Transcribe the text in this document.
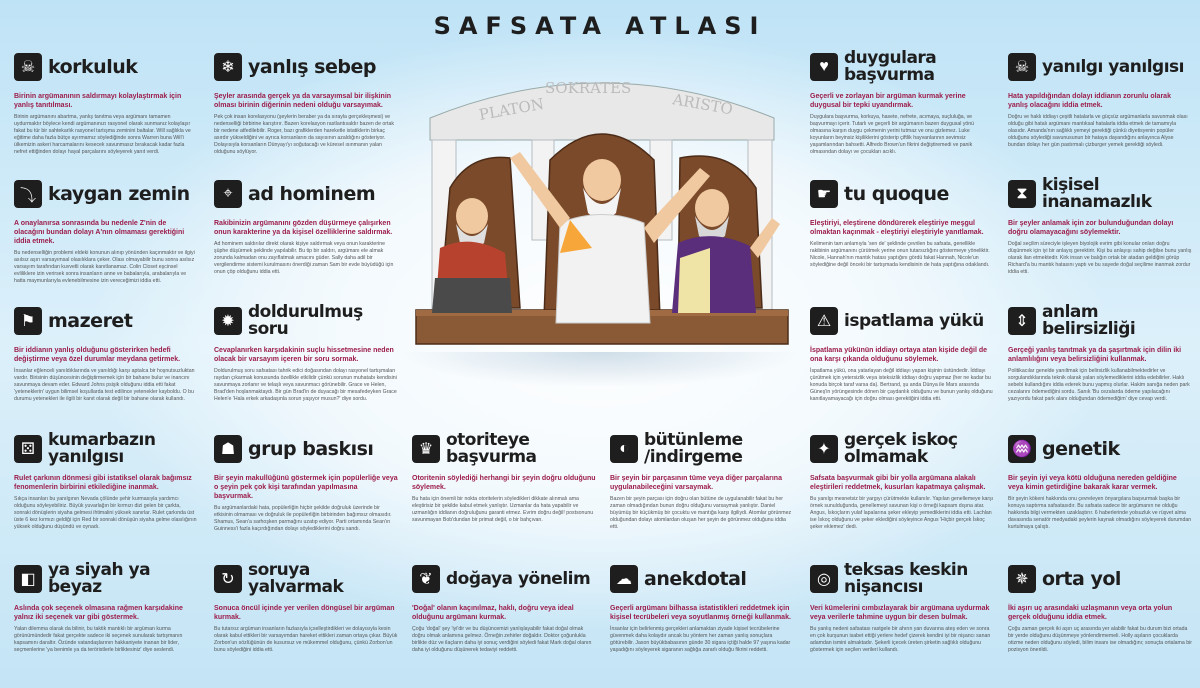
SAFSATA ATLASI
PLATON
SOKRATES
ARISTO
☠ korkuluk
Birinin argümanının saldırmayı kolaylaştırmak için yanlış tanıtılması.
Birinin argümanını abartma, yanlış tanıtma veya argümanı tamamen uydurmaktır böylece kendi argümanınızı rasyonel olarak sunmanız kolaylaşır fakat bu tür bir sahtekarlık rasyonel tartışma zeminini baltalar. Will sağlıkla ve eğitime daha fazla bütçe ayırmamız söylediğinde sonra Warren buna Will'i ülkemizin askeri harcamalarını kesecek savunmasız bırakacak kadar fazla nefret ettiğinden dolayı hayal parçalarını söyleyerek yanıt verdi.
❄ yanlış sebep
Şeyler arasında gerçek ya da varsayımsal bir ilişkinin olması birinin diğerinin nedeni olduğu varsayımak.
Pek çok insan korelasyonu (şeylerin beraber ya da sırayla gerçekleşmesi) ve nedenselliği birbirine karıştırır. Bazen korelasyon rastlantısaldır bazen de ortak bir nedene atfedilebilir. Roger, bazı grafiklerden hareketle istatiklerin birkaç asırdır yükseldiğini ve ayrıca korsanların da sayısının azaldığını gösteriyor. Dolayısıyla korsanların Dünyayı'yı soğutacağı ve küresel ısınmanın yalan olduğunu söylüyor.
♥ duygulara başvurma
Geçerli ve zorlayan bir argüman kurmak yerine duygusal bir tepki uyandırmak.
Duygulara başvurma, korkuya, hasete, nefrete, acımaya, suçluluğa, ve başvurmayı içerir. Tutarlı ve geçerli bir argümanın bazen duygusal yönü olmasına karşın duygu çekmenin yerini tutmaz ve onu gizlemez. Luke koyunların beyinsiz kişiliklerini gösterip çiftlik hayvanlarının sevimsiz yaşamlarından bahsetti. Alfredo Brown'un fikrini değiştiremedi ve panik olmasından dolayı ve çocukları acıklı.
☠ yanılgı yanılgısı
Hata yapıldığından dolayı iddianın zorunlu olarak yanlış olacağını iddia etmek.
Doğru ve haklı iddiayı çeşitli hatalarla ve güçsüz argümanlarla savunmak olası olduğu gibi hatalı argümanı mantıksal hatalarla iddia etmek de tamamıyla olasıdır. Amanda'nın sağlıklı yemeyi gerektiği çünkü diyetisyenin popüler olduğunu söylediği savunusunun bir hataya dayandığını anlayınca Alyse bundan dolayı her gün pastırmalı çizburger yemek gerektiği söyledi.
⤵ kaygan zemin
A onaylanırsa sonrasında bu nedenle Z'nin de olacağını bundan dolayı A'nın olmaması gerektiğini iddia etmek.
Bu nedenselliğin problemi eldeki konunun alınıp yönünden kaçınmaktır ve ilgiyi asılsız aşırı varsayımsal olasılıklara çeker. Olası olmayabilir bunu sonra asılsız varsayım tarafından kuvvetli olarak kanıtlanamaz. Colin Closet eşcinsel evliliklere izin verirsek sonra insanların anne ve babalarıyla, arabalarıyla ve hatta maymunlarıyla evlenebilmesine izin vereceğimizi iddia etti.
⌖ ad hominem
Rakibinizin argümanını gözden düşürmeye çalışırken onun karakterine ya da kişisel özelliklerine saldırmak.
Ad hominem saldırılar direkt olarak kişiye saldırmak veya onun karakterine şüphe düşürmek şeklinde yapılabilir. Bu tip bir saldırı, argümanı ele almak zorunda kalmadan onu zayıflatmak amacını güder. Sally daha adil bir vergilendirme sistemi kurulmasını önerdiği zaman Sam bir evde büyüdüğü için onun çöp olduğunu iddia etti.
☛ tu quoque
Eleştiriyi, eleştirene döndürerek eleştiriye meşgul olmaktan kaçınmak - eleştiriyi eleştiriyle yanıtlamak.
Kelimenin tam anlamıyla 'sen de' şeklinde çevrilen bu safsata, genellikle rakibinin argümanını çürütmek yerine onun tutarsızlığını göstermeye yöneliktir. Nicole, Hannah'nın mantık hatası yaptığını gördü fakat Hannah, Nicole'un söylediğine değil önceki bir tartışmada kendisinin de hata yaptığına odaklandı.
⧗ kişisel inanamazlık
Bir şeyler anlamak için zor bulunduğundan dolayı doğru olamayacağını söylemektir.
Doğal seçilim süreciyle işleyen biyolojik evrim gibi konular onları doğru düşünmek için iyi bir anlayış gerektirir. Kişi bu anlayışı sahip değilse bunu yanlış olarak ilan etmektedir. Kirk insan ve balığın ortak bir atadan geldiğini görüp Richard'a bu mantık hatasını yaptı ve bu sayede doğal seçilime inanmak zordur iddia etti.
⚑ mazeret
Bir iddianın yanlış olduğunu gösterirken hedefi değiştirme veya özel durumlar meydana getirmek.
İnsanlar eğlenceli yanıldıklarında ve yanıldığı karşı aptalca bir hoşnutsuzluktan vardır. Birisinin düşüncesinin değiştirmemek için bir bahane bulur ve inancını savunmaya devam eder. Edward Johns psişik olduğunu iddia etti fakat 'yeteneklerin' uygun bilimsel koşullarda test edilince yetenekler kayboldu. O bu durumu yetenekleri ile ilgili bir kanıt olarak değil bir bahane olarak kullandı.
✹ doldurulmuş soru
Cevaplanırken karşıdakinin suçlu hissetmesine neden olacak bir varsayım içeren bir soru sormak.
Doldurulmuş soru safsatası tahrik edici doğasından dolayı rasyonel tartışmaları raydan çıkarmak konusunda özellikle etkilidir çünkü sorunun muhatabı kendisini savunmaya zorlanır ve telaşlı veya savunmacı görünebilir. Grace ve Helen, Brad'den hoşlanmaktaydı. Bir gün Brad'in de duyacağı bir mesafedeyken Grace Helen'e 'Hala erkek arkadaşınla sorun yaşıyor musun?' diye sordu.
⚠ ispatlama yükü
İspatlama yükünün iddiayı ortaya atan kişide değil de ona karşı çıkanda olduğunu söylemek.
İspatlama yükü, ona yatarlayan değil iddiayı yapan kişinin üstündedir. İddiayı çürütmek için yetersizlik veya isteksizlik iddiayı doğru yapmaz (her ne kadar bu konuda birçok taraf varsa da). Bertrand, şu anda Dünya ile Mars arasında Güneş'in yörüngesinde dönen bir çaydanlık olduğunu ve bunun yanlış olduğunu kanıtlayamayacağı için doğru olması gerektiğini iddia etti.
⇕ anlam belirsizliği
Gerçeği yanlış tanıtmak ya da şaşırtmak için dilin iki anlamlılığını veya belirsizliğini kullanmak.
Politikacılar genelde yanıltmak için belirsizlik kullanabilmektedirler ve sorgulandıklarında teknik olarak yalan söylemediklerini iddia edebilirler. Haklı sebebi kullandığını iddia ederek bunu yapmış olurlar. Hakim sanığa neden park cezalarını ödemediğini sordu. Sanık 'Bu cezalarda ödeme yapılacağını yazıyordu fakat park alanı olduğundan ödemediğim' diye cevap verdi.
⚄ kumarbazın yanılgısı
Rulet çarkının dönmesi gibi istatiksel olarak bağımsız fenomenlerin birbirini etkilediğine inanmak.
Sıkça insanları bu yanılgının Nevada çölünde şehir kurmasıyla yardımcı olduğunu söyleyebiliriz. Büyük yuvarlağın bir kırmızı dizi gelen bir çarkta, sonraki dönüşlerin siyaha gelmesi ihtimalini yüksek sanırlar. Rulet çarkında üst üste 6 kez kırmızı geldiği için Red bir sonraki dönüşün siyaha gelme olasılığının yüksek olduğunu düşündü ve oynadı.
☗ grup baskısı
Bir şeyin makullüğünü göstermek için popülerliğe veya o şeyin pek çok kişi tarafından yapılmasına başvurmak.
Bu argümanlardaki hata, popülerliğin hiçbir şekilde doğruluk üzerinde bir etkisinin olmaması ve doğruluk ile popülerliğin birbirinden bağımsız olmasıdır. Shamus, Sean'a sarhoşken parmağını uzatıp ediyor. Parti ortamında Sean'ın Guinness'i fazla kaçırdığından dolayı söylediklerini doğru sandı.
♛ otoriteye başvurma
Otoritenin söylediği herhangi bir şeyin doğru olduğunu söylemek.
Bu hata için önemli bir nokta otoritelerin söyledikleri dikkate alınmalı ama eleştirisiz bir şekilde kabul etmek yanlıştır. Uzmanlar da hata yapabilir ve uzmanlığın iddianın doğruluğunu garanti etmez. Evrim doğru değil! postsonunu savunmayan Bob'dundan bir primat değil, o bir bahçıvan.
◐ bütünleme /indirgeme
Bir şeyin bir parçasının tüme veya diğer parçalarına uygulanabileceğini varsaymak.
Bazen bir şeyin parçası için doğru olan bütüne de uygulanabilir fakat bu her zaman olmadığından bunun doğru olduğunu varsaymak yanlıştır. Daniel büyümüş bir küçükmüş bir çocuktu ve mantığa karşı ilgiliydi. Atomlar görünmez olduğundan dolayı atomlardan oluşan her şeyin de görünmez olduğunu iddia etti.
✦ gerçek iskoç olmamak
Safsata başvurmak gibi bir yolla argümana alakalı eleştirileri reddetmek, kusurları kapatmaya çalışmak.
Bu yanılgı mesnetsiz bir yargıyı çürütmekte kullanılır. Yapılan genellemeye karşı örnek sunulduğunda, genellemeyi savunan kişi o örneği kapsam dışına atar. Angus, İskoçların yulaf lapalarına şeker ekleyip yemediklerini iddia etti. Lachlan ise İskoç olduğunu ve şeker eklediğini söyleyince Angus 'Hiçbir gerçek İskoç şeker eklemez' dedi.
♒ genetik
Bir şeyin iyi veya kötü olduğuna nereden geldiğine veya kimin getirdiğine bakarak karar vermek.
Bir şeyin kökeni hakkında onu çevreleyen önyargılara başvurmak başka bir konuya saptırma safsatasıdır. Bu safsata sadece bir argümanın ne olduğu hakkında bilgi vermekten uzaklaştırır. 6 haberlerinde yolsuzluk ve rüşvet alma davasında senatör medyadaki şeylerin kaynak olmadığını söyleyerek durumdan kurtulmaya çalıştı.
◧ ya siyah ya beyaz
Aslında çok seçenek olmasına rağmen karşıdakine yalnız iki seçenek var gibi göstermek.
Yalan dilemma olarak da bilinir, bu taktik mantıklı bir argüman kurma görünümündedir fakat gerçekte sadece iki seçenek sunularak tartışmanın kapsamını daraltır. Özünde vatandaşlarının hakkaniyete inanan bir lider, seçmenlerine 'ya benimle ya da teröristlerle birliktesiniz' diye seslendi.
↻ soruya yalvarmak
Sonuca öncül içinde yer verilen döngüsel bir argüman kurmak.
Bu tutarsız argüman insanların fazlasıyla içselleştirdikleri ve dolayısıyla kesin olarak kabul ettikleri bir varsayımdan hareket ettikleri zaman ortaya çıkar. Büyük Zorbon'un sözlüğünün de kusursuz ve mükemmel olduğunu, çünkü Zorbon'un bunu söylediğini iddia etti.
❦ doğaya yönelim
'Doğal' olanın kaçınılmaz, haklı, doğru veya ideal olduğunu argümanı kurmak.
Çoğu 'doğal' şey 'iyi'dir ve bu düşüncemizi yanlışlayabilir fakat doğal olmak doğru olmak anlamına gelmez. Örneğin zehirler doğaldır. Doktor çoğunlukla birlikte düz ve ilaçların daha iyi sonuç verdiğini söyledi fakat Mark doğal olanın daha iyi olduğunu düşünerek tedaviyi reddetti.
☁ anekdotal
Geçerli argümanı bilhassa istatistikleri reddetmek için kişisel tecrübeleri veya soyutlanmış örneği kullanmak.
İnsanlar için belirlenmiş gerçekleri anlamaktan ziyade kişisel tecrübelerine güvenmek daha kolaydır ancak bu yöntem her zaman yanlış sonuçlara götürebilir. Jason büyükbabasının günde 30 sigara içtiği halde 97 yaşına kadar yaşadığını söyleyerek sigaranın sağlığa zararlı olduğu fikrini reddetti.
◎ teksas keskin nişancısı
Veri kümelerini cımbızlayarak bir argümana uydurmak veya verilerle tahmine uygun bir desen bulmak.
Bu yanlış nedeni safsatası rastgele bir ahırın yan duvarına ateş eden ve sonra en çok kurşunun isabet ettiği yerlere hedef çizerek kendini iyi bir nişancı sanan adamdan ismini almaktadır. Şekerli içecek üreten şirketin sağlıklı olduğunu göstermek için seçilen verileri kullandı.
✵ orta yol
İki aşırı uç arasındaki uzlaşmanın veya orta yolun gerçek olduğunu iddia etmek.
Çoğu zaman gerçek iki aşırı uç arasında yer alabilir fakat bu durum bizi ortada bir yerde olduğunu düşünmeye yönlendirmemeli. Holly aşıların çocuklarda otizme neden olduğunu söyledi, bilim insanı ise olmadığını; sonuçta ortalama bir pozisyon önerildi.
